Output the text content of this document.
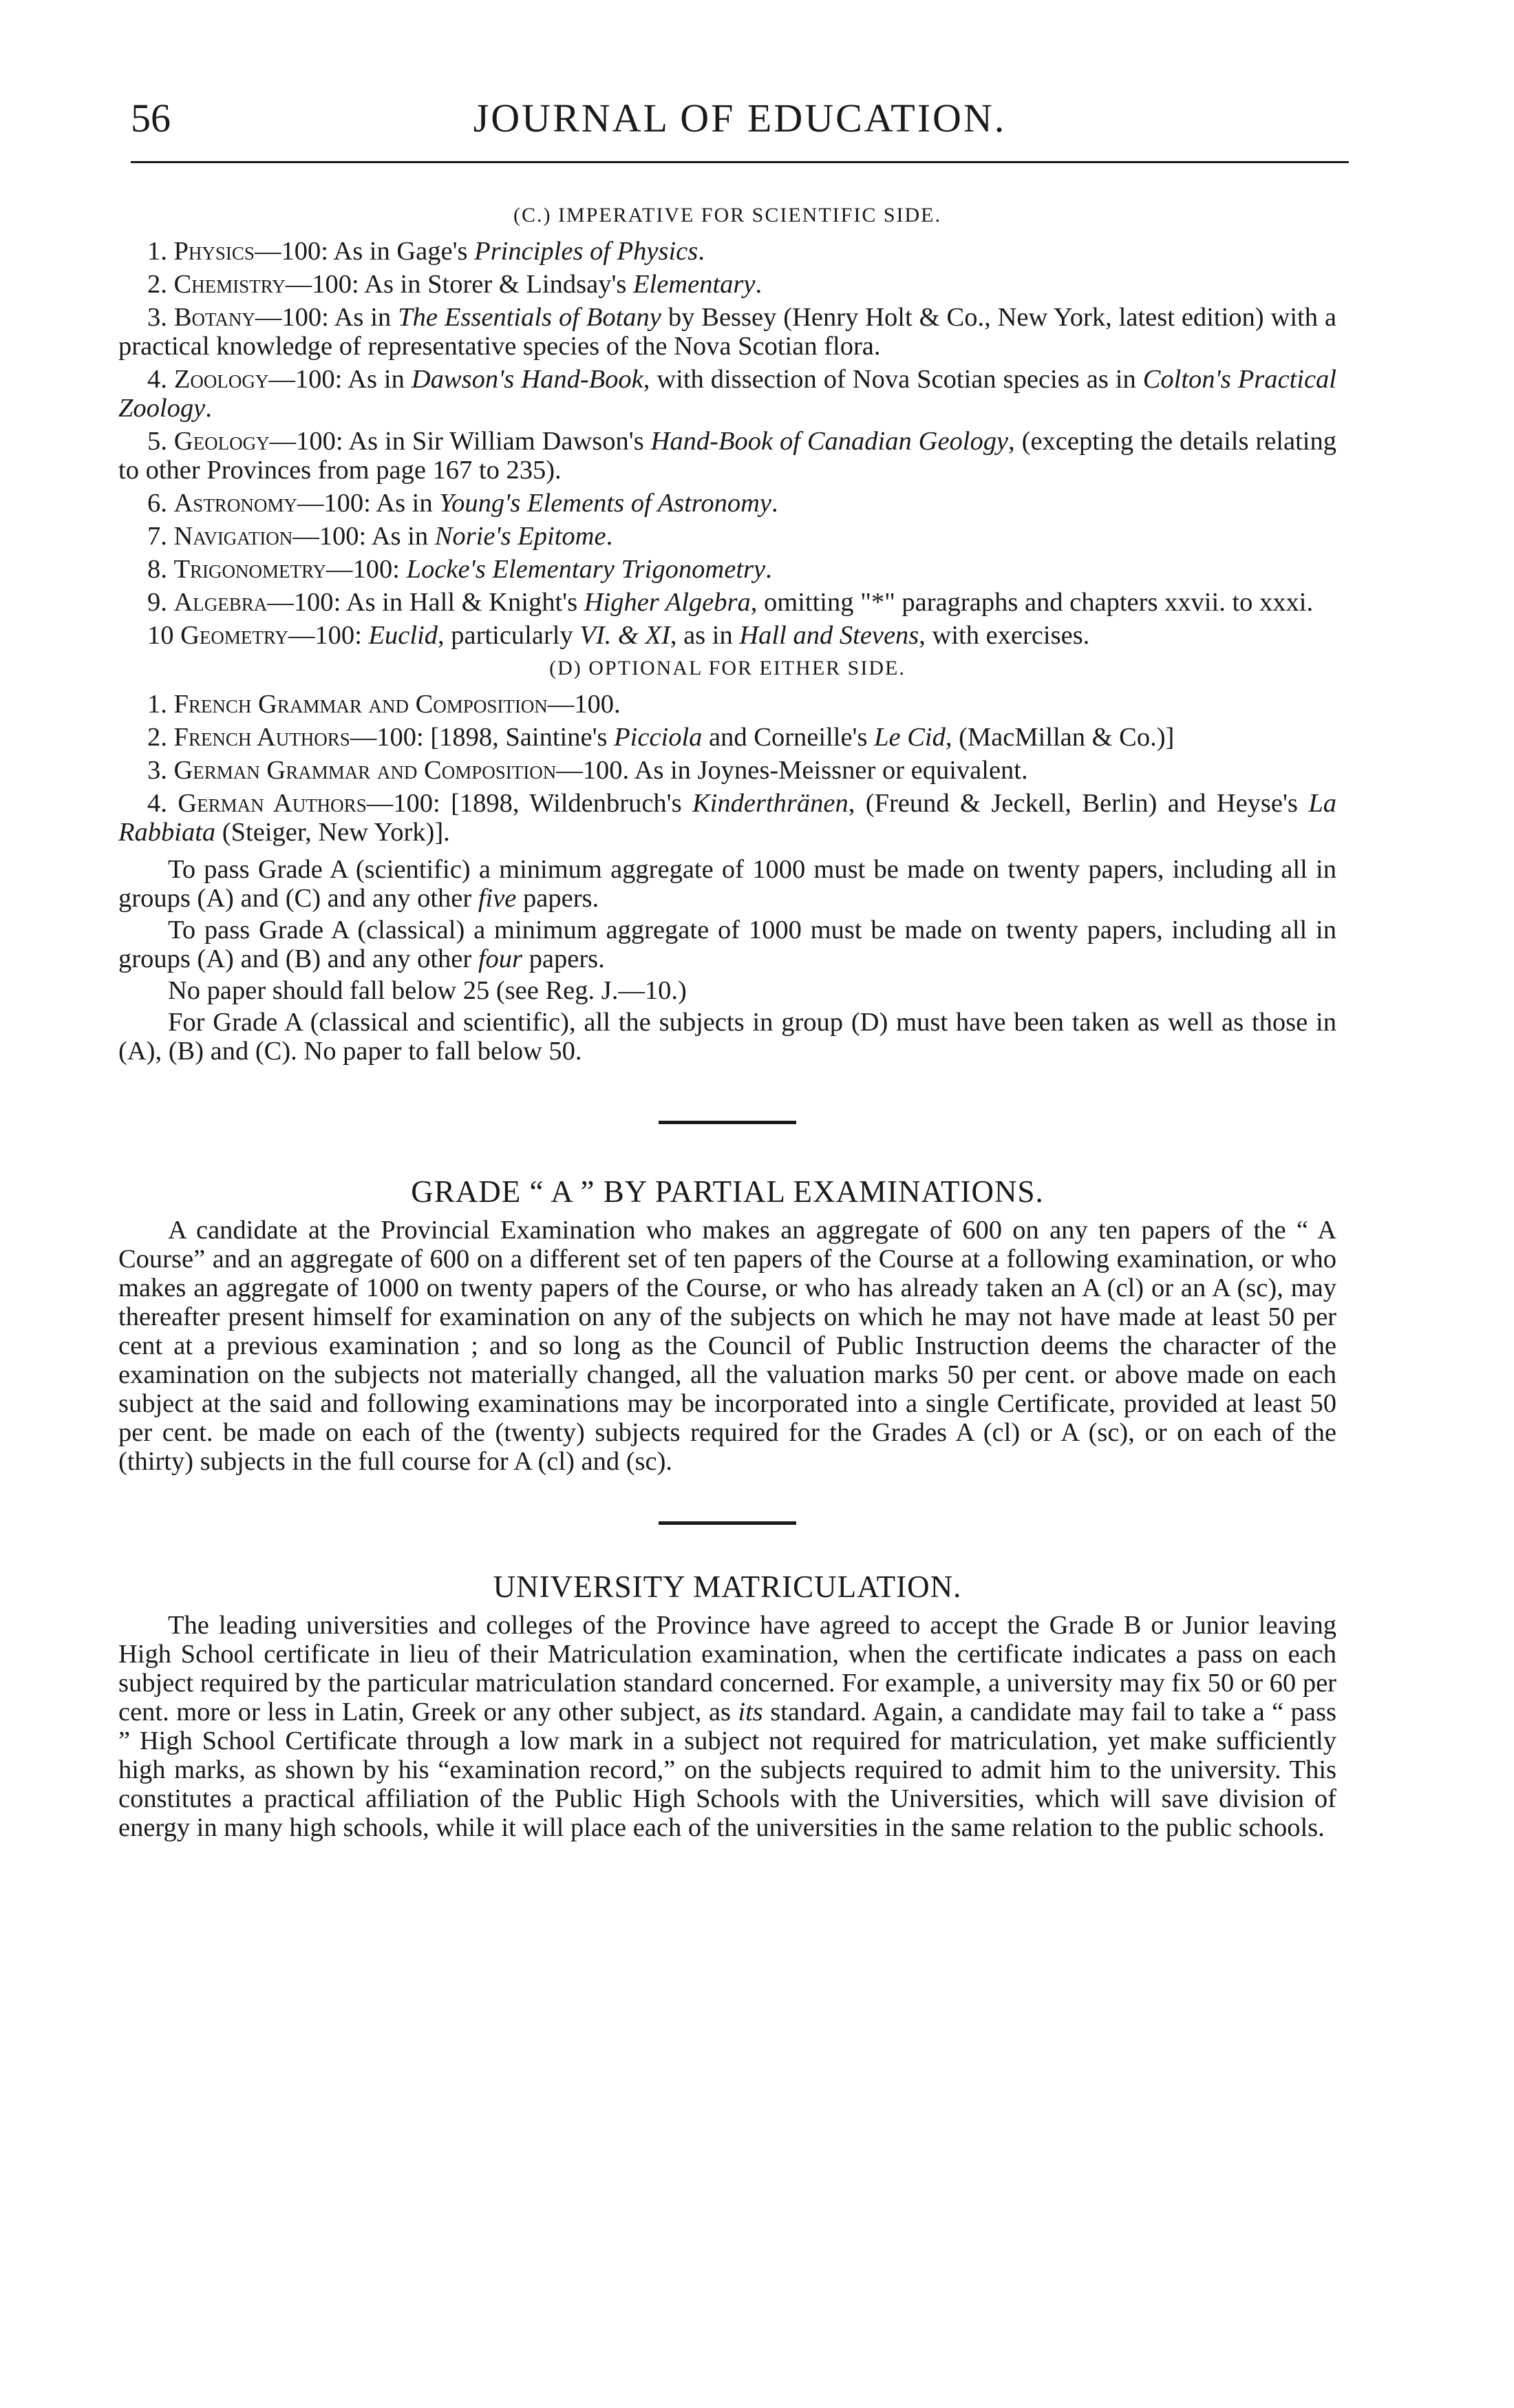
56	JOURNAL OF EDUCATION.

(C.) IMPERATIVE FOR SCIENTIFIC SIDE.

1. Physics—100: As in Gage's Principles of Physics.

2. Chemistry—100: As in Storer & Lindsay's Elementary.

3. Botany—100: As in The Essentials of Botany by Bessey (Henry Holt & Co., New York, latest edition) with a practical knowledge of representative species of the Nova Scotian flora.

4. Zoology—100: As in Dawson's Hand-Book, with dissection of Nova Scotian species as in Colton's Practical Zoology.

5. Geology—100: As in Sir William Dawson's Hand-Book of Canadian Geology, (excepting the details relating to other Provinces from page 167 to 235).

6. Astronomy—100: As in Young's Elements of Astronomy.

7. Navigation—100: As in Norie's Epitome.

8. Trigonometry—100: Locke's Elementary Trigonometry.

9. Algebra—100: As in Hall & Knight's Higher Algebra, omitting "*" paragraphs and chapters xxvii. to xxxi.

10 Geometry—100: Euclid, particularly VI. & XI, as in Hall and Stevens, with exercises.

(D) OPTIONAL FOR EITHER SIDE.

1. French Grammar and Composition—100.

2. French Authors—100: [1898, Saintine's Picciola and Corneille's Le Cid, (MacMillan & Co.)]

3. German Grammar and Composition—100. As in Joynes-Meissner or equivalent.

4. German Authors—100: [1898, Wildenbruch's Kinderthränen, (Freund & Jeckell, Berlin) and Heyse's La Rabbiata (Steiger, New York)].

To pass Grade A (scientific) a minimum aggregate of 1000 must be made on twenty papers, including all in groups (A) and (C) and any other five papers.

To pass Grade A (classical) a minimum aggregate of 1000 must be made on twenty papers, including all in groups (A) and (B) and any other four papers.

No paper should fall below 25 (see Reg. J.—10.)

For Grade A (classical and scientific), all the subjects in group (D) must have been taken as well as those in (A), (B) and (C). No paper to fall below 50.

GRADE “ A ” BY PARTIAL EXAMINATIONS.

A candidate at the Provincial Examination who makes an aggregate of 600 on any ten papers of the “ A Course” and an aggregate of 600 on a different set of ten papers of the Course at a following examination, or who makes an aggregate of 1000 on twenty papers of the Course, or who has already taken an A (cl) or an A (sc), may thereafter present himself for examination on any of the subjects on which he may not have made at least 50 per cent at a previous examination ; and so long as the Council of Public Instruction deems the character of the examination on the subjects not materially changed, all the valuation marks 50 per cent. or above made on each subject at the said and following examinations may be incorporated into a single Certificate, provided at least 50 per cent. be made on each of the (twenty) subjects required for the Grades A (cl) or A (sc), or on each of the (thirty) subjects in the full course for A (cl) and (sc).

UNIVERSITY MATRICULATION.

The leading universities and colleges of the Province have agreed to accept the Grade B or Junior leaving High School certificate in lieu of their Matriculation examination, when the certificate indicates a pass on each subject required by the particular matriculation standard concerned. For example, a university may fix 50 or 60 per cent. more or less in Latin, Greek or any other subject, as its standard. Again, a candidate may fail to take a “ pass ” High School Certificate through a low mark in a subject not required for matriculation, yet make sufficiently high marks, as shown by his “examination record,” on the subjects required to admit him to the university. This constitutes a practical affiliation of the Public High Schools with the Universities, which will save division of energy in many high schools, while it will place each of the universities in the same relation to the public schools.
